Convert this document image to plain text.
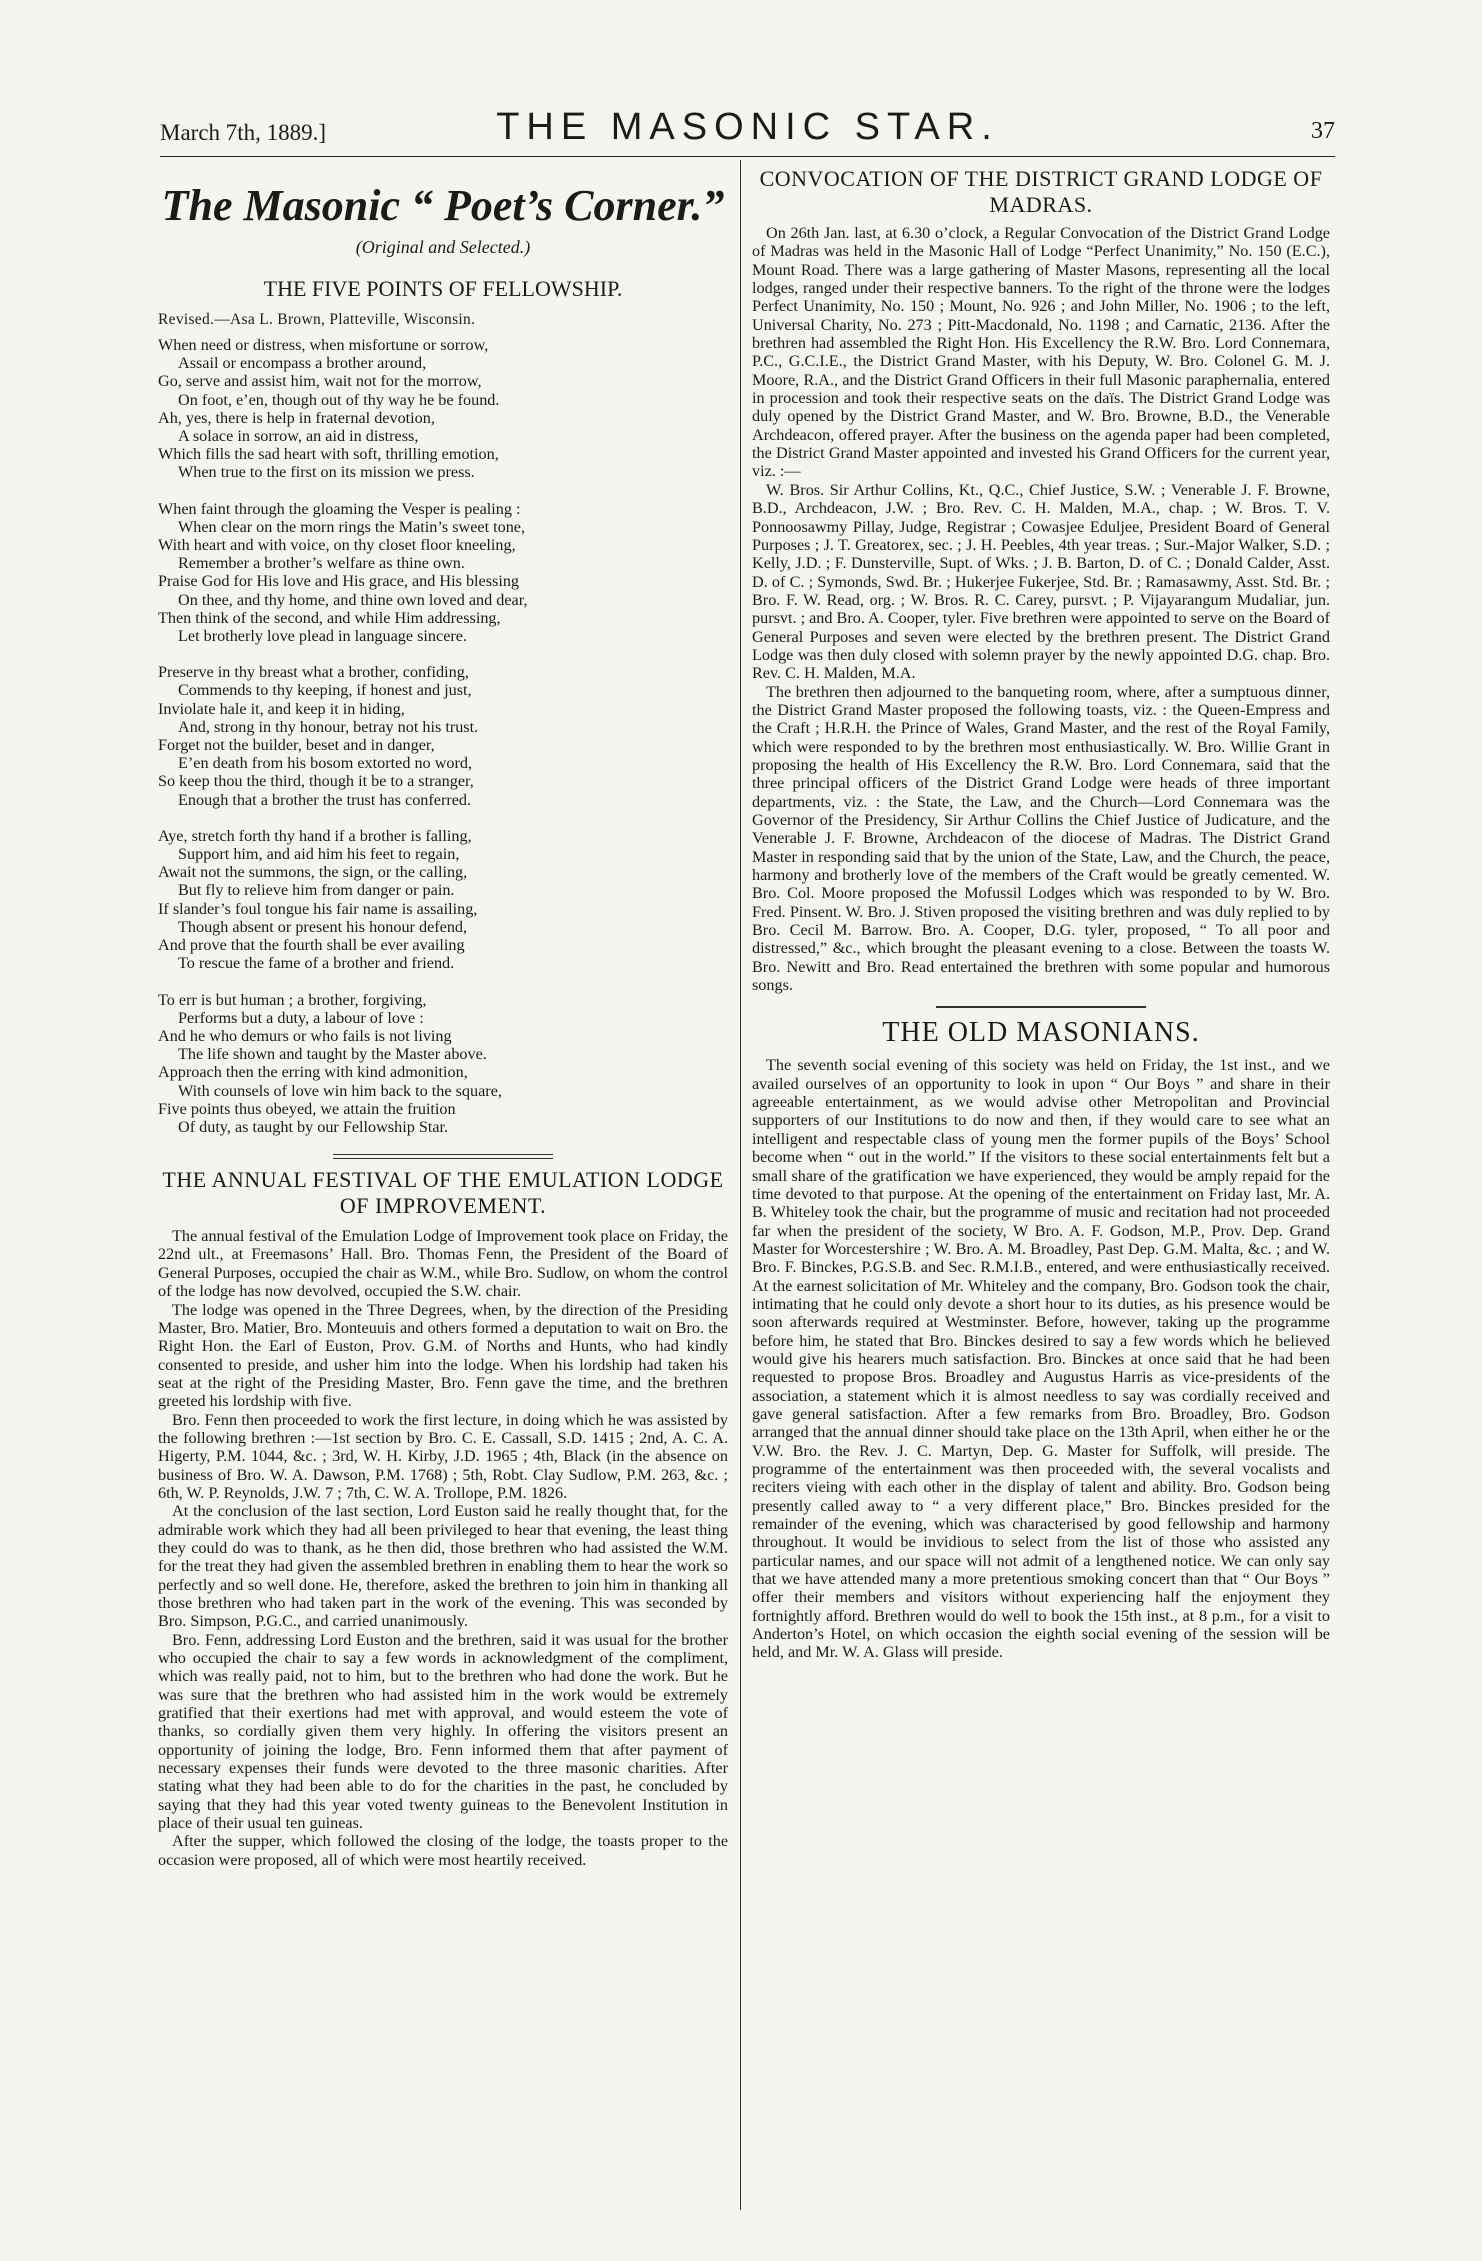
March 7th, 1889.]	THE MASONIC STAR.	37
The Masonic “ Poet’s Corner.”
(Original and Selected.)
THE FIVE POINTS OF FELLOWSHIP.
Revised.—Asa L. Brown, Platteville, Wisconsin.
When need or distress, when misfortune or sorrow,
Assail or encompass a brother around,
Go, serve and assist him, wait not for the morrow,
On foot, e’en, though out of thy way he be found.
Ah, yes, there is help in fraternal devotion,
A solace in sorrow, an aid in distress,
Which fills the sad heart with soft, thrilling emotion,
When true to the first on its mission we press.
When faint through the gloaming the Vesper is pealing :
When clear on the morn rings the Matin’s sweet tone,
With heart and with voice, on thy closet floor kneeling,
Remember a brother’s welfare as thine own.
Praise God for His love and His grace, and His blessing
On thee, and thy home, and thine own loved and dear,
Then think of the second, and while Him addressing,
Let brotherly love plead in language sincere.
Preserve in thy breast what a brother, confiding,
Commends to thy keeping, if honest and just,
Inviolate hale it, and keep it in hiding,
And, strong in thy honour, betray not his trust.
Forget not the builder, beset and in danger,
E’en death from his bosom extorted no word,
So keep thou the third, though it be to a stranger,
Enough that a brother the trust has conferred.
Aye, stretch forth thy hand if a brother is falling,
Support him, and aid him his feet to regain,
Await not the summons, the sign, or the calling,
But fly to relieve him from danger or pain.
If slander’s foul tongue his fair name is assailing,
Though absent or present his honour defend,
And prove that the fourth shall be ever availing
To rescue the fame of a brother and friend.
To err is but human ; a brother, forgiving,
Performs but a duty, a labour of love :
And he who demurs or who fails is not living
The life shown and taught by the Master above.
Approach then the erring with kind admonition,
With counsels of love win him back to the square,
Five points thus obeyed, we attain the fruition
Of duty, as taught by our Fellowship Star.
THE ANNUAL FESTIVAL OF THE EMULATION LODGE OF IMPROVEMENT.

The annual festival of the Emulation Lodge of Improvement took place on Friday, the 22nd ult., at Freemasons’ Hall. Bro. Thomas Fenn, the President of the Board of General Purposes, occupied the chair as W.M., while Bro. Sudlow, on whom the control of the lodge has now devolved, occupied the S.W. chair.

The lodge was opened in the Three Degrees, when, by the direction of the Presiding Master, Bro. Matier, Bro. Monteuuis and others formed a deputation to wait on Bro. the Right Hon. the Earl of Euston, Prov. G.M. of Norths and Hunts, who had kindly consented to preside, and usher him into the lodge. When his lordship had taken his seat at the right of the Presiding Master, Bro. Fenn gave the time, and the brethren greeted his lordship with five.

Bro. Fenn then proceeded to work the first lecture, in doing which he was assisted by the following brethren :—1st section by Bro. C. E. Cassall, S.D. 1415 ; 2nd, A. C. A. Higerty, P.M. 1044, &c. ; 3rd, W. H. Kirby, J.D. 1965 ; 4th, Black (in the absence on business of Bro. W. A. Dawson, P.M. 1768) ; 5th, Robt. Clay Sudlow, P.M. 263, &c. ; 6th, W. P. Reynolds, J.W. 7 ; 7th, C. W. A. Trollope, P.M. 1826.

At the conclusion of the last section, Lord Euston said he really thought that, for the admirable work which they had all been privileged to hear that evening, the least thing they could do was to thank, as he then did, those brethren who had assisted the W.M. for the treat they had given the assembled brethren in enabling them to hear the work so perfectly and so well done. He, therefore, asked the brethren to join him in thanking all those brethren who had taken part in the work of the evening. This was seconded by Bro. Simpson, P.G.C., and carried unanimously.

Bro. Fenn, addressing Lord Euston and the brethren, said it was usual for the brother who occupied the chair to say a few words in acknowledgment of the compliment, which was really paid, not to him, but to the brethren who had done the work. But he was sure that the brethren who had assisted him in the work would be extremely gratified that their exertions had met with approval, and would esteem the vote of thanks, so cordially given them very highly. In offering the visitors present an opportunity of joining the lodge, Bro. Fenn informed them that after payment of necessary expenses their funds were devoted to the three masonic charities. After stating what they had been able to do for the charities in the past, he concluded by saying that they had this year voted twenty guineas to the Benevolent Institution in place of their usual ten guineas.

After the supper, which followed the closing of the lodge, the toasts proper to the occasion were proposed, all of which were most heartily received.

CONVOCATION OF THE DISTRICT GRAND LODGE OF MADRAS.

On 26th Jan. last, at 6.30 o’clock, a Regular Convocation of the District Grand Lodge of Madras was held in the Masonic Hall of Lodge “Perfect Unanimity,” No. 150 (E.C.), Mount Road. There was a large gathering of Master Masons, representing all the local lodges, ranged under their respective banners. To the right of the throne were the lodges Perfect Unanimity, No. 150 ; Mount, No. 926 ; and John Miller, No. 1906 ; to the left, Universal Charity, No. 273 ; Pitt-Macdonald, No. 1198 ; and Carnatic, 2136. After the brethren had assembled the Right Hon. His Excellency the R.W. Bro. Lord Connemara, P.C., G.C.I.E., the District Grand Master, with his Deputy, W. Bro. Colonel G. M. J. Moore, R.A., and the District Grand Officers in their full Masonic paraphernalia, entered in procession and took their respective seats on the daïs. The District Grand Lodge was duly opened by the District Grand Master, and W. Bro. Browne, B.D., the Venerable Archdeacon, offered prayer. After the business on the agenda paper had been completed, the District Grand Master appointed and invested his Grand Officers for the current year, viz. :—

W. Bros. Sir Arthur Collins, Kt., Q.C., Chief Justice, S.W. ; Venerable J. F. Browne, B.D., Archdeacon, J.W. ; Bro. Rev. C. H. Malden, M.A., chap. ; W. Bros. T. V. Ponnoosawmy Pillay, Judge, Registrar ; Cowasjee Eduljee, President Board of General Purposes ; J. T. Greatorex, sec. ; J. H. Peebles, 4th year treas. ; Sur.-Major Walker, S.D. ; Kelly, J.D. ; F. Dunsterville, Supt. of Wks. ; J. B. Barton, D. of C. ; Donald Calder, Asst. D. of C. ; Symonds, Swd. Br. ; Hukerjee Fukerjee, Std. Br. ; Ramasawmy, Asst. Std. Br. ; Bro. F. W. Read, org. ; W. Bros. R. C. Carey, pursvt. ; P. Vijayarangum Mudaliar, jun. pursvt. ; and Bro. A. Cooper, tyler. Five brethren were appointed to serve on the Board of General Purposes and seven were elected by the brethren present. The District Grand Lodge was then duly closed with solemn prayer by the newly appointed D.G. chap. Bro. Rev. C. H. Malden, M.A.

The brethren then adjourned to the banqueting room, where, after a sumptuous dinner, the District Grand Master proposed the following toasts, viz. : the Queen-Empress and the Craft ; H.R.H. the Prince of Wales, Grand Master, and the rest of the Royal Family, which were responded to by the brethren most enthusiastically. W. Bro. Willie Grant in proposing the health of His Excellency the R.W. Bro. Lord Connemara, said that the three principal officers of the District Grand Lodge were heads of three important departments, viz. : the State, the Law, and the Church—Lord Connemara was the Governor of the Presidency, Sir Arthur Collins the Chief Justice of Judicature, and the Venerable J. F. Browne, Archdeacon of the diocese of Madras. The District Grand Master in responding said that by the union of the State, Law, and the Church, the peace, harmony and brotherly love of the members of the Craft would be greatly cemented. W. Bro. Col. Moore proposed the Mofussil Lodges which was responded to by W. Bro. Fred. Pinsent. W. Bro. J. Stiven proposed the visiting brethren and was duly replied to by Bro. Cecil M. Barrow. Bro. A. Cooper, D.G. tyler, proposed, “ To all poor and distressed,” &c., which brought the pleasant evening to a close. Between the toasts W. Bro. Newitt and Bro. Read entertained the brethren with some popular and humorous songs.

THE OLD MASONIANS.

The seventh social evening of this society was held on Friday, the 1st inst., and we availed ourselves of an opportunity to look in upon “ Our Boys ” and share in their agreeable entertainment, as we would advise other Metropolitan and Provincial supporters of our Institutions to do now and then, if they would care to see what an intelligent and respectable class of young men the former pupils of the Boys’ School become when “ out in the world.” If the visitors to these social entertainments felt but a small share of the gratification we have experienced, they would be amply repaid for the time devoted to that purpose. At the opening of the entertainment on Friday last, Mr. A. B. Whiteley took the chair, but the programme of music and recitation had not proceeded far when the president of the society, W Bro. A. F. Godson, M.P., Prov. Dep. Grand Master for Worcestershire ; W. Bro. A. M. Broadley, Past Dep. G.M. Malta, &c. ; and W. Bro. F. Binckes, P.G.S.B. and Sec. R.M.I.B., entered, and were enthusiastically received. At the earnest solicitation of Mr. Whiteley and the company, Bro. Godson took the chair, intimating that he could only devote a short hour to its duties, as his presence would be soon afterwards required at Westminster. Before, however, taking up the programme before him, he stated that Bro. Binckes desired to say a few words which he believed would give his hearers much satisfaction. Bro. Binckes at once said that he had been requested to propose Bros. Broadley and Augustus Harris as vice-presidents of the association, a statement which it is almost needless to say was cordially received and gave general satisfaction. After a few remarks from Bro. Broadley, Bro. Godson arranged that the annual dinner should take place on the 13th April, when either he or the V.W. Bro. the Rev. J. C. Martyn, Dep. G. Master for Suffolk, will preside. The programme of the entertainment was then proceeded with, the several vocalists and reciters vieing with each other in the display of talent and ability. Bro. Godson being presently called away to “ a very different place,” Bro. Binckes presided for the remainder of the evening, which was characterised by good fellowship and harmony throughout. It would be invidious to select from the list of those who assisted any particular names, and our space will not admit of a lengthened notice. We can only say that we have attended many a more pretentious smoking concert than that “ Our Boys ” offer their members and visitors without experiencing half the enjoyment they fortnightly afford. Brethren would do well to book the 15th inst., at 8 p.m., for a visit to Anderton’s Hotel, on which occasion the eighth social evening of the session will be held, and Mr. W. A. Glass will preside.
